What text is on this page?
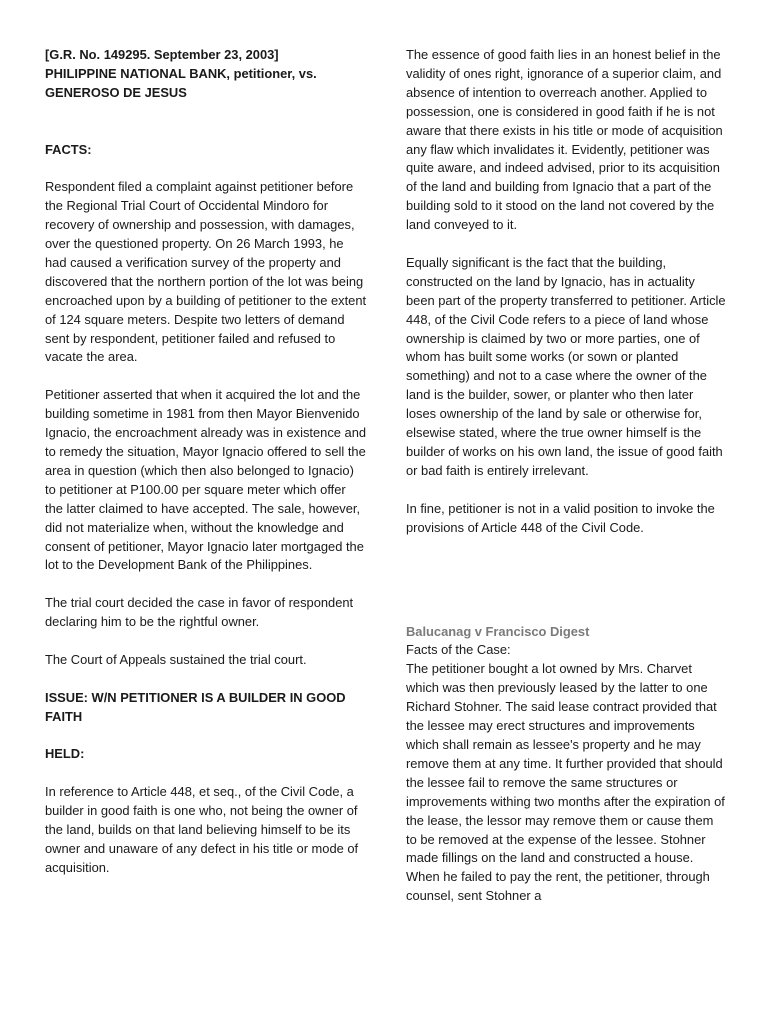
[G.R. No. 149295. September 23, 2003]

PHILIPPINE NATIONAL BANK, petitioner, vs.

GENEROSO DE JESUS

FACTS:

Respondent filed a complaint against petitioner before the Regional Trial Court of Occidental Mindoro for recovery of ownership and possession, with damages, over the questioned property. On 26 March 1993, he had caused a verification survey of the property and discovered that the northern portion of the lot was being encroached upon by a building of petitioner to the extent of 124 square meters. Despite two letters of demand sent by respondent, petitioner failed and refused to vacate the area.

Petitioner asserted that when it acquired the lot and the building sometime in 1981 from then Mayor Bienvenido Ignacio, the encroachment already was in existence and to remedy the situation, Mayor Ignacio offered to sell the area in question (which then also belonged to Ignacio) to petitioner at P100.00 per square meter which offer the latter claimed to have accepted. The sale, however, did not materialize when, without the knowledge and consent of petitioner, Mayor Ignacio later mortgaged the lot to the Development Bank of the Philippines.

The trial court decided the case in favor of respondent declaring him to be the rightful owner.

The Court of Appeals sustained the trial court.

ISSUE: W/N PETITIONER IS A BUILDER IN GOOD FAITH

HELD:

In reference to Article 448, et seq., of the Civil Code, a builder in good faith is one who, not being the owner of the land, builds on that land believing himself to be its owner and unaware of any defect in his title or mode of acquisition.

The essence of good faith lies in an honest belief in the validity of ones right, ignorance of a superior claim, and absence of intention to overreach another. Applied to possession, one is considered in good faith if he is not aware that there exists in his title or mode of acquisition any flaw which invalidates it. Evidently, petitioner was quite aware, and indeed advised, prior to its acquisition of the land and building from Ignacio that a part of the building sold to it stood on the land not covered by the land conveyed to it.

Equally significant is the fact that the building, constructed on the land by Ignacio, has in actuality been part of the property transferred to petitioner. Article 448, of the Civil Code refers to a piece of land whose ownership is claimed by two or more parties, one of whom has built some works (or sown or planted something) and not to a case where the owner of the land is the builder, sower, or planter who then later loses ownership of the land by sale or otherwise for, elsewise stated, where the true owner himself is the builder of works on his own land, the issue of good faith or bad faith is entirely irrelevant.

In fine, petitioner is not in a valid position to invoke the provisions of Article 448 of the Civil Code.

Balucanag v Francisco Digest

Facts of the Case:

The petitioner bought a lot owned by Mrs. Charvet which was then previously leased by the latter to one Richard Stohner. The said lease contract provided that the lessee may erect structures and improvements which shall remain as lessee's property and he may remove them at any time. It further provided that should the lessee fail to remove the same structures or improvements withing two months after the expiration of the lease, the lessor may remove them or cause them to be removed at the expense of the lessee. Stohner made fillings on the land and constructed a house. When he failed to pay the rent, the petitioner, through counsel, sent Stohner a
